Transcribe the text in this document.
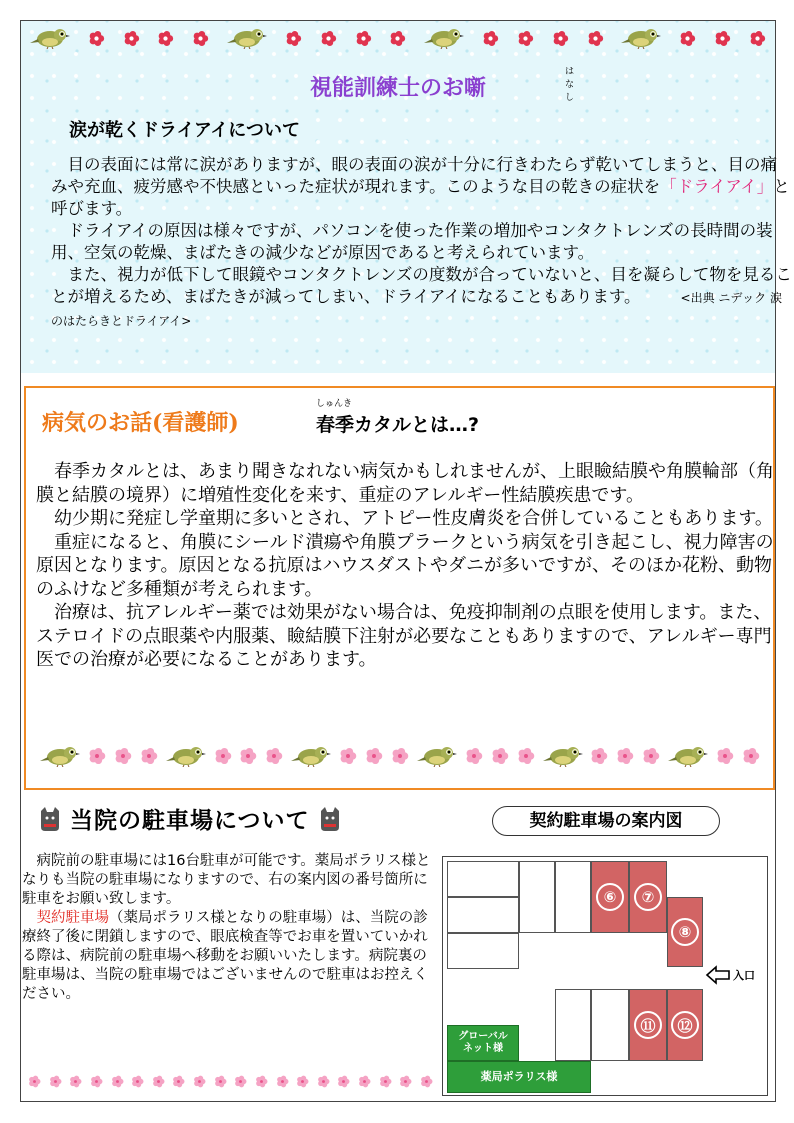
はなし
視能訓練士のお噺
涙が乾くドライアイについて

目の表面には常に涙がありますが、眼の表面の涙が十分に行きわたらず乾いてしまうと、目の痛みや充血、疲労感や不快感といった症状が現れます。このような目の乾きの症状を「ドライアイ」と呼びます。

ドライアイの原因は様々ですが、パソコンを使った作業の増加やコンタクトレンズの長時間の装用、空気の乾燥、まばたきの減少などが原因であると考えられています。

また、視力が低下して眼鏡やコンタクトレンズの度数が合っていないと、目を凝らして物を見ることが増えるため、まばたきが減ってしまい、ドライアイになることもあります。	<出典 ニデック 涙のはたらきとドライアイ>

病気のお話(看護師)
しゅんき
春季カタルとは…?

春季カタルとは、あまり聞きなれない病気かもしれませんが、上眼瞼結膜や角膜輪部（角膜と結膜の境界）に増殖性変化を来す、重症のアレルギー性結膜疾患です。

幼少期に発症し学童期に多いとされ、アトピー性皮膚炎を合併していることもあります。

重症になると、角膜にシールド潰瘍や角膜プラークという病気を引き起こし、視力障害の原因となります。原因となる抗原はハウスダストやダニが多いですが、そのほか花粉、動物のふけなど多種類が考えられます。

治療は、抗アレルギー薬では効果がない場合は、免疫抑制剤の点眼を使用します。また、ステロイドの点眼薬や内服薬、瞼結膜下注射が必要なこともありますので、アレルギー専門医での治療が必要になることがあります。

当院の駐車場について	契約駐車場の案内図

病院前の駐車場には16台駐車が可能です。薬局ポラリス様となりも当院の駐車場になりますので、右の案内図の番号箇所に駐車をお願い致します。

契約駐車場（薬局ポラリス様となりの駐車場）は、当院の診療終了後に閉鎖しますので、眼底検査等でお車を置いていかれる際は、病院前の駐車場へ移動をお願いいたします。病院裏の駐車場は、当院の駐車場ではございませんので駐車はお控えください。

⑥	⑦
⑧
入口
⑪	⑫
グローバル
ネット様
薬局ポラリス様
